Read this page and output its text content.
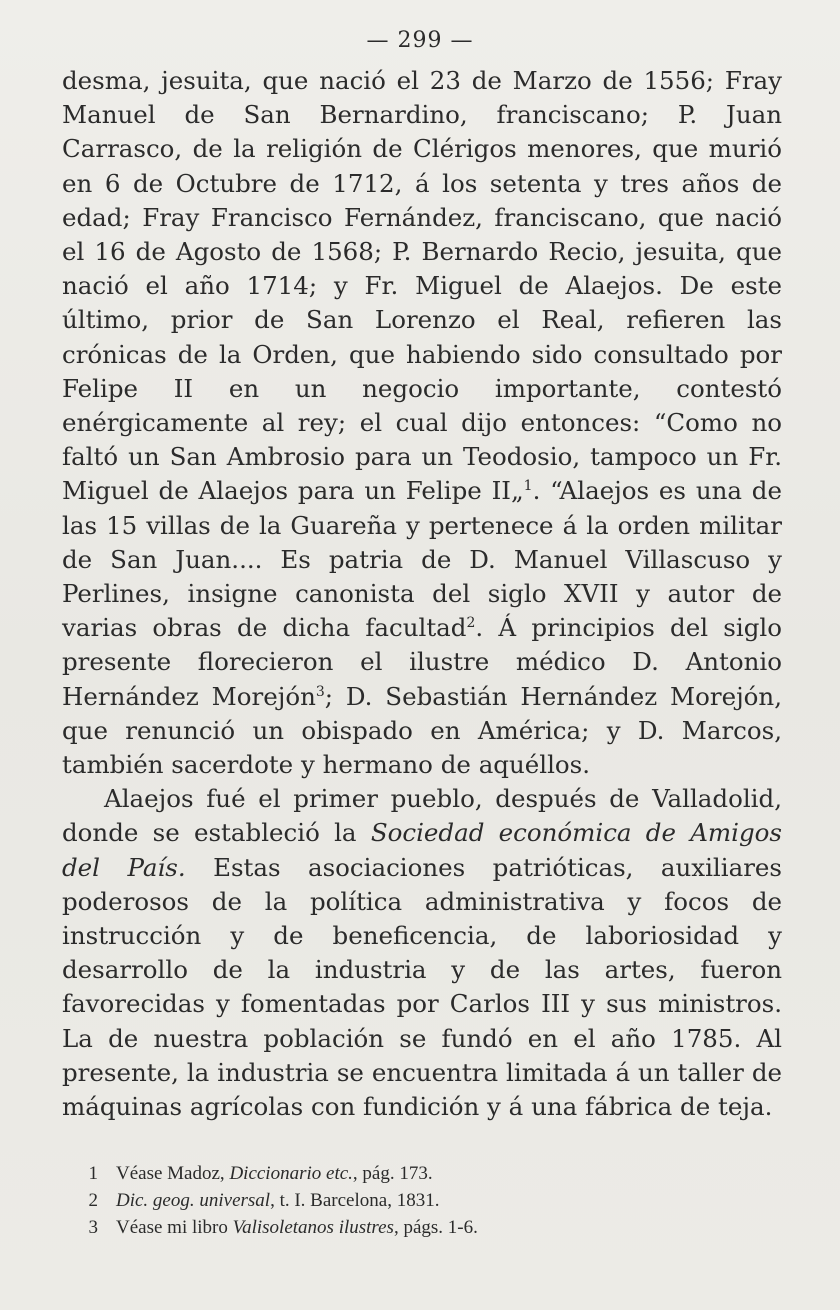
— 299 —

desma, jesuita, que nació el 23 de Marzo de 1556; Fray Manuel de San Bernardino, franciscano; P. Juan Carrasco, de la religión de Clérigos menores, que murió en 6 de Octubre de 1712, á los setenta y tres años de edad; Fray Francisco Fernández, franciscano, que nació el 16 de Agosto de 1568; P. Bernardo Recio, jesuita, que nació el año 1714; y Fr. Miguel de Alaejos. De este último, prior de San Lorenzo el Real, refieren las crónicas de la Orden, que habiendo sido consultado por Felipe II en un negocio importante, contestó enérgicamente al rey; el cual dijo entonces: “Como no faltó un San Ambrosio para un Teodosio, tampoco un Fr. Miguel de Alaejos para un Felipe II„$^1$. “Alaejos es una de las 15 villas de la Guareña y pertenece á la orden militar de San Juan.... Es patria de D. Manuel Villascuso y Perlines, insigne canonista del siglo XVII y autor de varias obras de dicha facultad$^2$. Á principios del siglo presente florecieron el ilustre médico D. Antonio Hernández Morejón$^3$; D. Sebastián Hernández Morejón, que renunció un obispado en América; y D. Marcos, también sacerdote y hermano de aquéllos.

Alaejos fué el primer pueblo, después de Valladolid, donde se estableció la Sociedad económica de Amigos del País. Estas asociaciones patrióticas, auxiliares poderosos de la política administrativa y focos de instrucción y de beneficencia, de laboriosidad y desarrollo de la industria y de las artes, fueron favorecidas y fomentadas por Carlos III y sus ministros. La de nuestra población se fundó en el año 1785. Al presente, la industria se encuentra limitada á un taller de máquinas agrícolas con fundición y á una fábrica de teja.

1 Véase Madoz, Diccionario etc., pág. 173.
2 Dic. geog. universal, t. I. Barcelona, 1831.
3 Véase mi libro Valisoletanos ilustres, págs. 1-6.
